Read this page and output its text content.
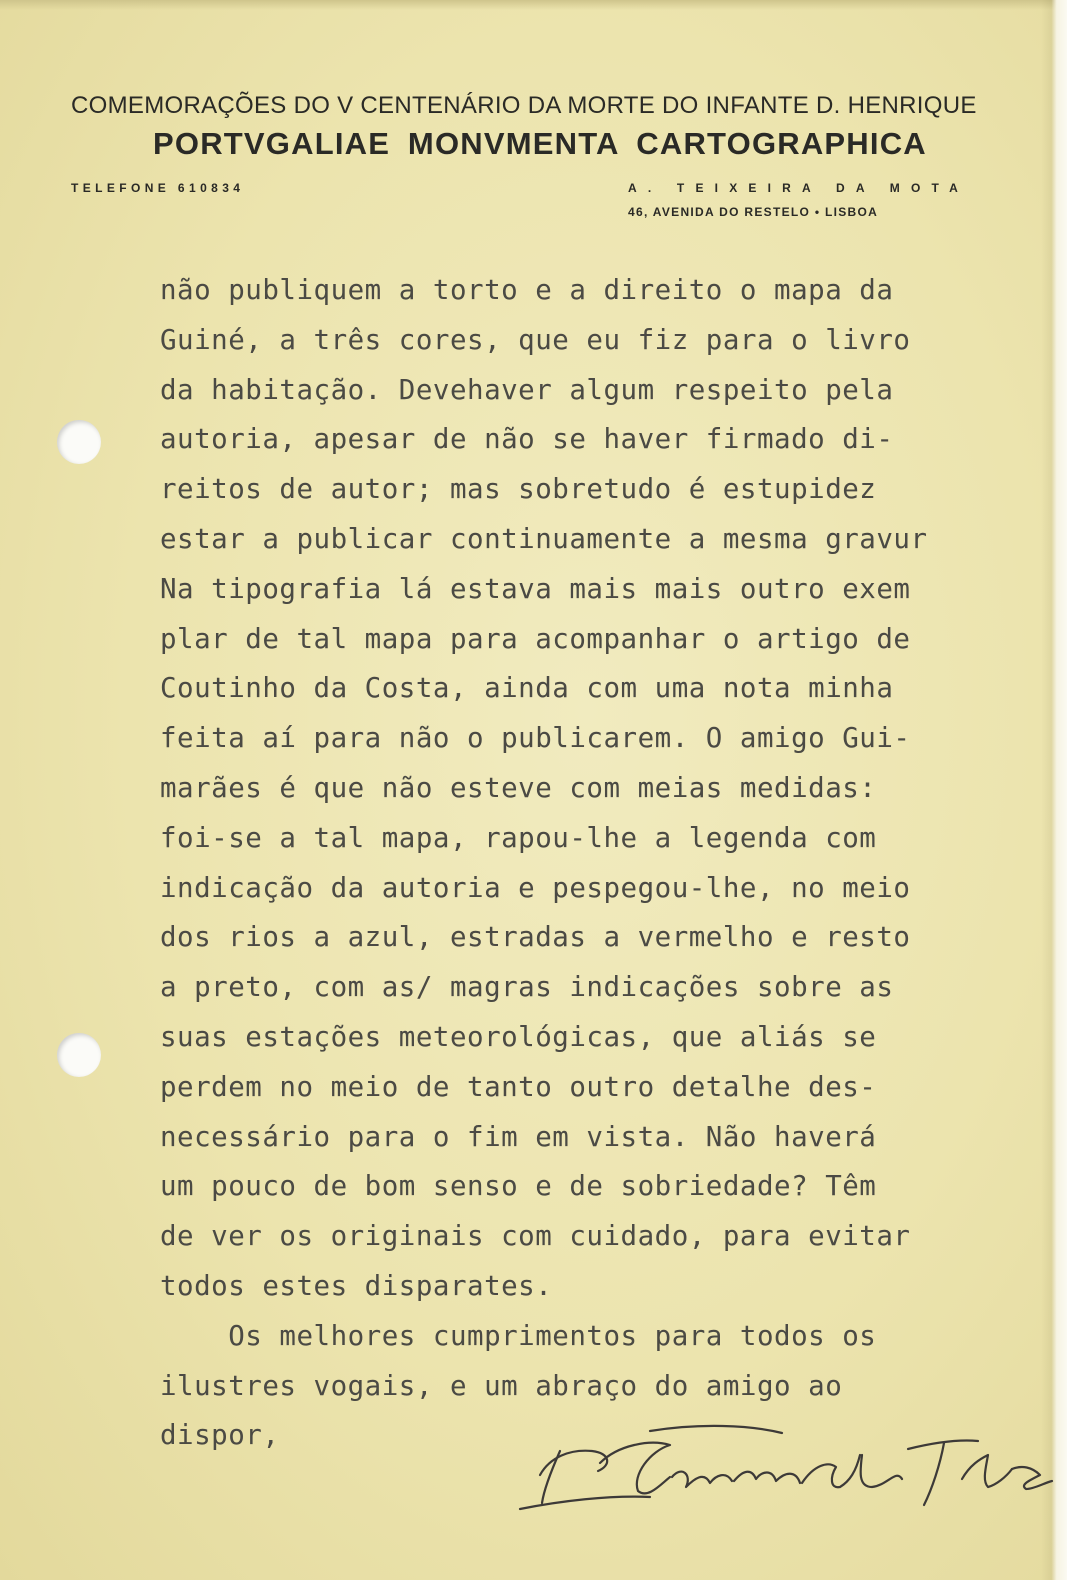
COMEMORAÇÕES DO V CENTENÁRIO DA MORTE DO INFANTE D. HENRIQUE
PORTVGALIAE MONVMENTA CARTOGRAPHICA
TELEFONE 610834	A. TEIXEIRA DA MOTA
46, AVENIDA DO RESTELO • LISBOA
não publiquem a torto e a direito o mapa da
Guiné, a três cores, que eu fiz para o livro
da habitação. Devehaver algum respeito pela
autoria, apesar de não se haver firmado di-
reitos de autor; mas sobretudo é estupidez
estar a publicar continuamente a mesma gravur
Na tipografia lá estava mais mais outro exem
plar de tal mapa para acompanhar o artigo de
Coutinho da Costa, ainda com uma nota minha
feita aí para não o publicarem. O amigo Gui-
marães é que não esteve com meias medidas:
foi-se a tal mapa, rapou-lhe a legenda com
indicação da autoria e pespegou-lhe, no meio
dos rios a azul, estradas a vermelho e resto
a preto, com as/ magras indicações sobre as
suas estações meteorológicas, que aliás se
perdem no meio de tanto outro detalhe des-
necessário para o fim em vista. Não haverá
um pouco de bom senso e de sobriedade? Têm
de ver os originais com cuidado, para evitar
todos estes disparates.
Os melhores cumprimentos para todos os
ilustres vogais, e um abraço do amigo ao
dispor,
